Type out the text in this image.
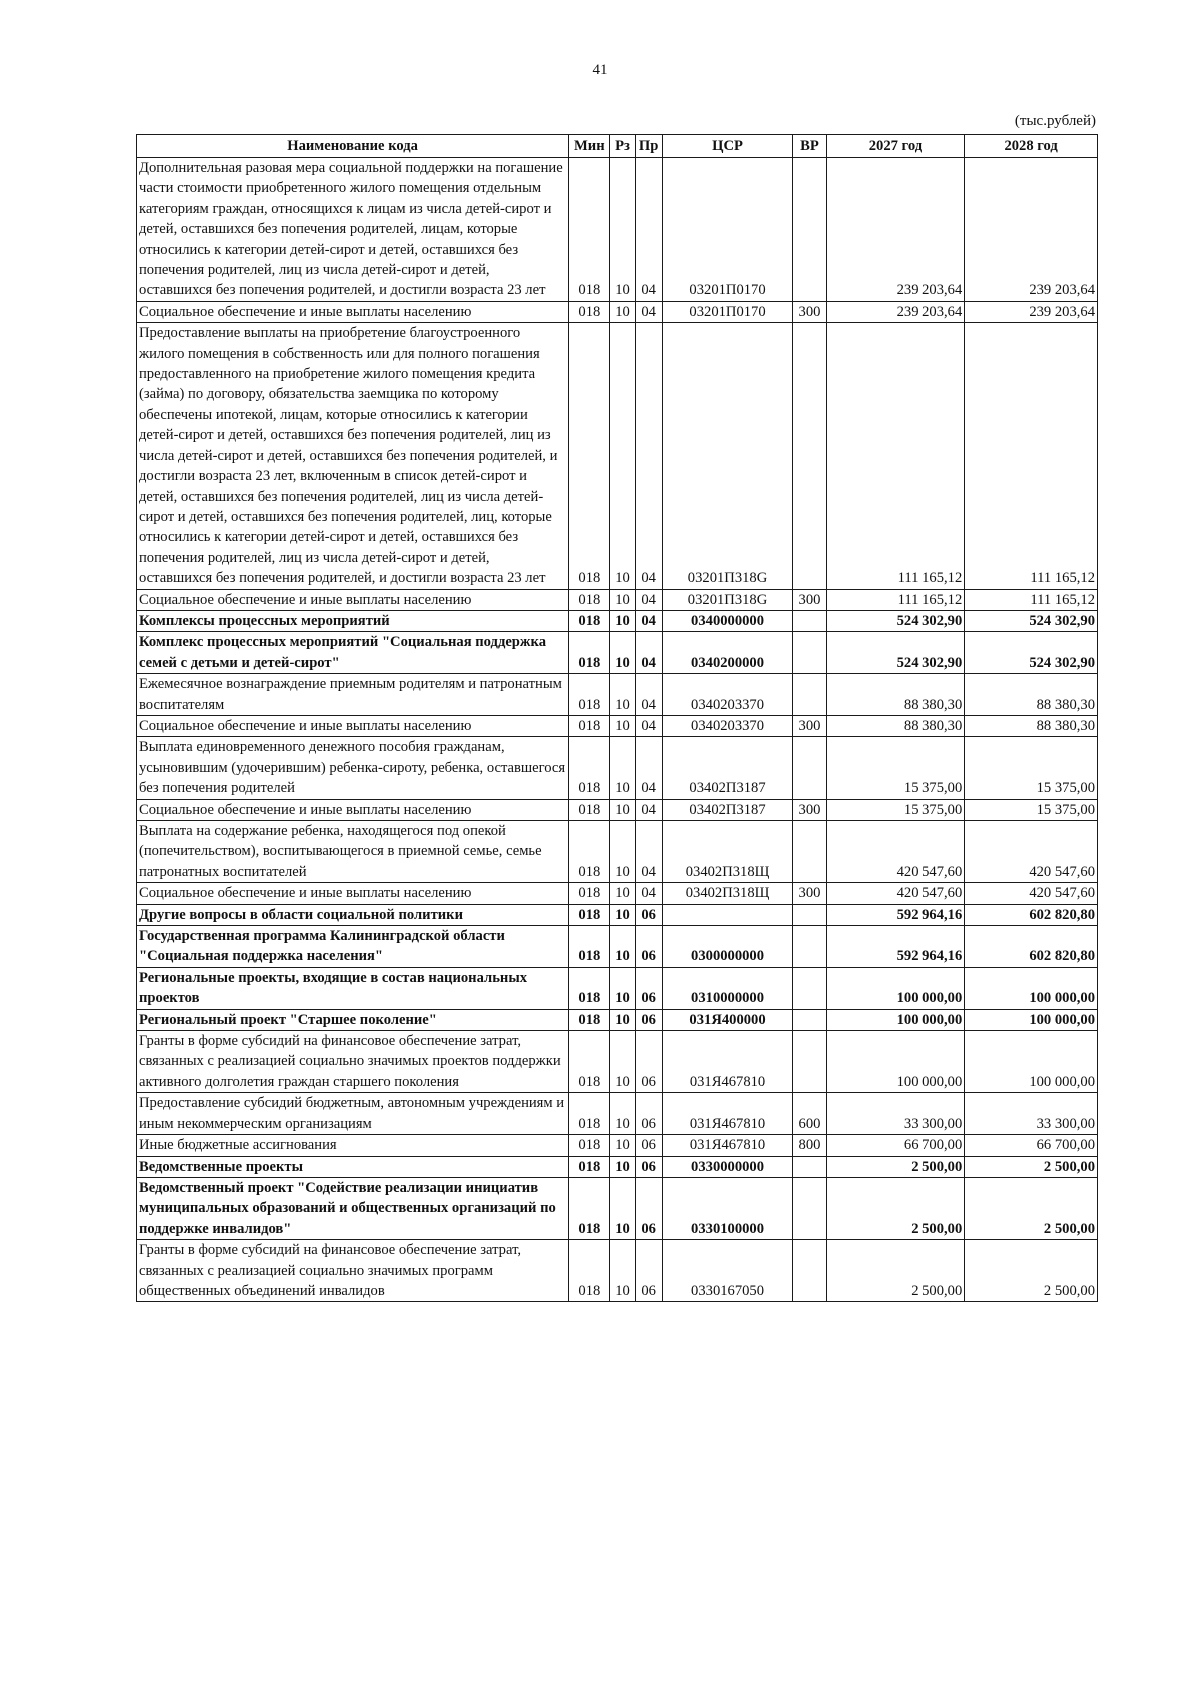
41
(тыс.рублей)
Наименование кода	Мин	Рз	Пр	ЦСР	ВР	2027 год	2028 год
Дополнительная разовая мера социальной поддержки на погашение части стоимости приобретенного жилого помещения отдельным категориям граждан, относящихся к лицам из числа детей-сирот и детей, оставшихся без попечения родителей, лицам, которые относились к категории детей-сирот и детей, оставшихся без попечения родителей, лиц из числа детей-сирот и детей, оставшихся без попечения родителей, и достигли возраста 23 лет	018	10	04	03201П0170		239 203,64	239 203,64
Социальное обеспечение и иные выплаты населению	018	10	04	03201П0170	300	239 203,64	239 203,64
Предоставление выплаты на приобретение благоустроенного жилого помещения в собственность или для полного погашения предоставленного на приобретение жилого помещения кредита (займа) по договору, обязательства заемщика по которому обеспечены ипотекой, лицам, которые относились к категории детей-сирот и детей, оставшихся без попечения родителей, лиц из числа детей-сирот и детей, оставшихся без попечения родителей, и достигли возраста 23 лет, включенным в список детей-сирот и детей, оставшихся без попечения родителей, лиц из числа детей-сирот и детей, оставшихся без попечения родителей, лиц, которые относились к категории детей-сирот и детей, оставшихся без попечения родителей, лиц из числа детей-сирот и детей, оставшихся без попечения родителей, и достигли возраста 23 лет	018	10	04	03201П318G		111 165,12	111 165,12
Социальное обеспечение и иные выплаты населению	018	10	04	03201П318G	300	111 165,12	111 165,12
Комплексы процессных мероприятий	018	10	04	0340000000		524 302,90	524 302,90
Комплекс процессных мероприятий "Социальная поддержка семей с детьми и детей-сирот"	018	10	04	0340200000		524 302,90	524 302,90
Ежемесячное вознаграждение приемным родителям и патронатным воспитателям	018	10	04	0340203370		88 380,30	88 380,30
Социальное обеспечение и иные выплаты населению	018	10	04	0340203370	300	88 380,30	88 380,30
Выплата единовременного денежного пособия гражданам, усыновившим (удочерившим) ребенка-сироту, ребенка, оставшегося без попечения родителей	018	10	04	03402П3187		15 375,00	15 375,00
Социальное обеспечение и иные выплаты населению	018	10	04	03402П3187	300	15 375,00	15 375,00
Выплата на содержание ребенка, находящегося под опекой (попечительством), воспитывающегося в приемной семье, семье патронатных воспитателей	018	10	04	03402П318Щ		420 547,60	420 547,60
Социальное обеспечение и иные выплаты населению	018	10	04	03402П318Щ	300	420 547,60	420 547,60
Другие вопросы в области социальной политики	018	10	06			592 964,16	602 820,80
Государственная программа Калининградской области "Социальная поддержка населения"	018	10	06	0300000000		592 964,16	602 820,80
Региональные проекты, входящие в состав национальных проектов	018	10	06	0310000000		100 000,00	100 000,00
Региональный проект "Старшее поколение"	018	10	06	031Я400000		100 000,00	100 000,00
Гранты в форме субсидий на финансовое обеспечение затрат, связанных с реализацией социально значимых проектов поддержки активного долголетия граждан старшего поколения	018	10	06	031Я467810		100 000,00	100 000,00
Предоставление субсидий бюджетным, автономным учреждениям и иным некоммерческим организациям	018	10	06	031Я467810	600	33 300,00	33 300,00
Иные бюджетные ассигнования	018	10	06	031Я467810	800	66 700,00	66 700,00
Ведомственные проекты	018	10	06	0330000000		2 500,00	2 500,00
Ведомственный проект "Содействие реализации инициатив муниципальных образований и общественных организаций по поддержке инвалидов"	018	10	06	0330100000		2 500,00	2 500,00
Гранты в форме субсидий на финансовое обеспечение затрат, связанных с реализацией социально значимых программ общественных объединений инвалидов	018	10	06	0330167050		2 500,00	2 500,00
